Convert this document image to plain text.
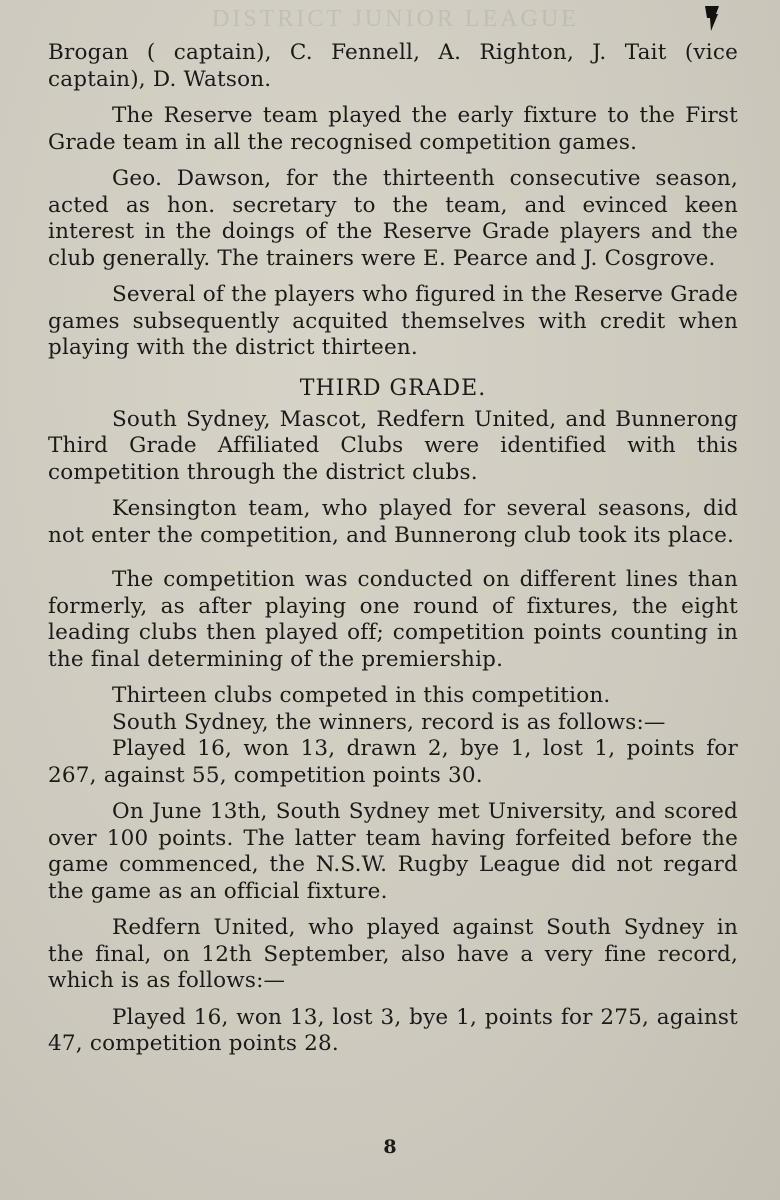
DISTRICT JUNIOR LEAGUE

Brogan ( captain), C. Fennell, A. Righton, J. Tait (vice captain), D. Watson.

The Reserve team played the early fixture to the First Grade team in all the recognised competition games.

Geo. Dawson, for the thirteenth consecutive season, acted as hon. secretary to the team, and evinced keen interest in the doings of the Reserve Grade players and the club generally. The trainers were E. Pearce and J. Cosgrove.

Several of the players who figured in the Reserve Grade games subsequently acquited themselves with credit when playing with the district thirteen.

THIRD GRADE.

South Sydney, Mascot, Redfern United, and Bunnerong Third Grade Affiliated Clubs were identified with this competition through the district clubs.

Kensington team, who played for several seasons, did not enter the competition, and Bunnerong club took its place.

The competition was conducted on different lines than formerly, as after playing one round of fixtures, the eight leading clubs then played off; competition points counting in the final determining of the premiership.

Thirteen clubs competed in this competition.

South Sydney, the winners, record is as follows:—

Played 16, won 13, drawn 2, bye 1, lost 1, points for 267, against 55, competition points 30.

On June 13th, South Sydney met University, and scored over 100 points. The latter team having forfeited before the game commenced, the N.S.W. Rugby League did not regard the game as an official fixture.

Redfern United, who played against South Sydney in the final, on 12th September, also have a very fine record, which is as follows:—

Played 16, won 13, lost 3, bye 1, points for 275, against 47, competition points 28.

8
